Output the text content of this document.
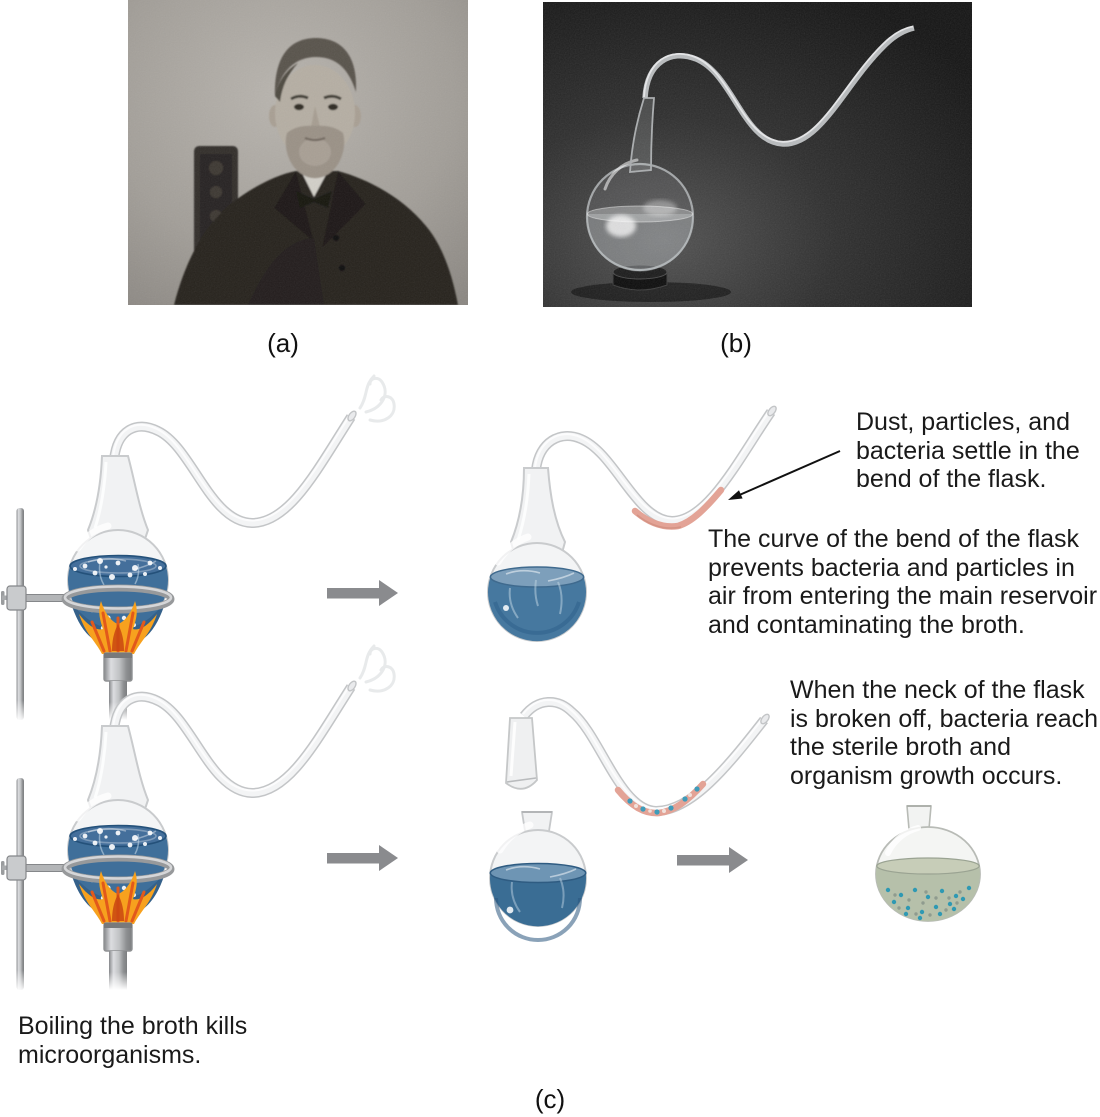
(a)	(b)
Dust, particles, and
bacteria settle in the
bend of the flask.
The curve of the bend of the flask
prevents bacteria and particles in
air from entering the main reservoir
and contaminating the broth.
When the neck of the flask
is broken off, bacteria reach
the sterile broth and
organism growth occurs.
Boiling the broth kills
microorganisms.
(c)
